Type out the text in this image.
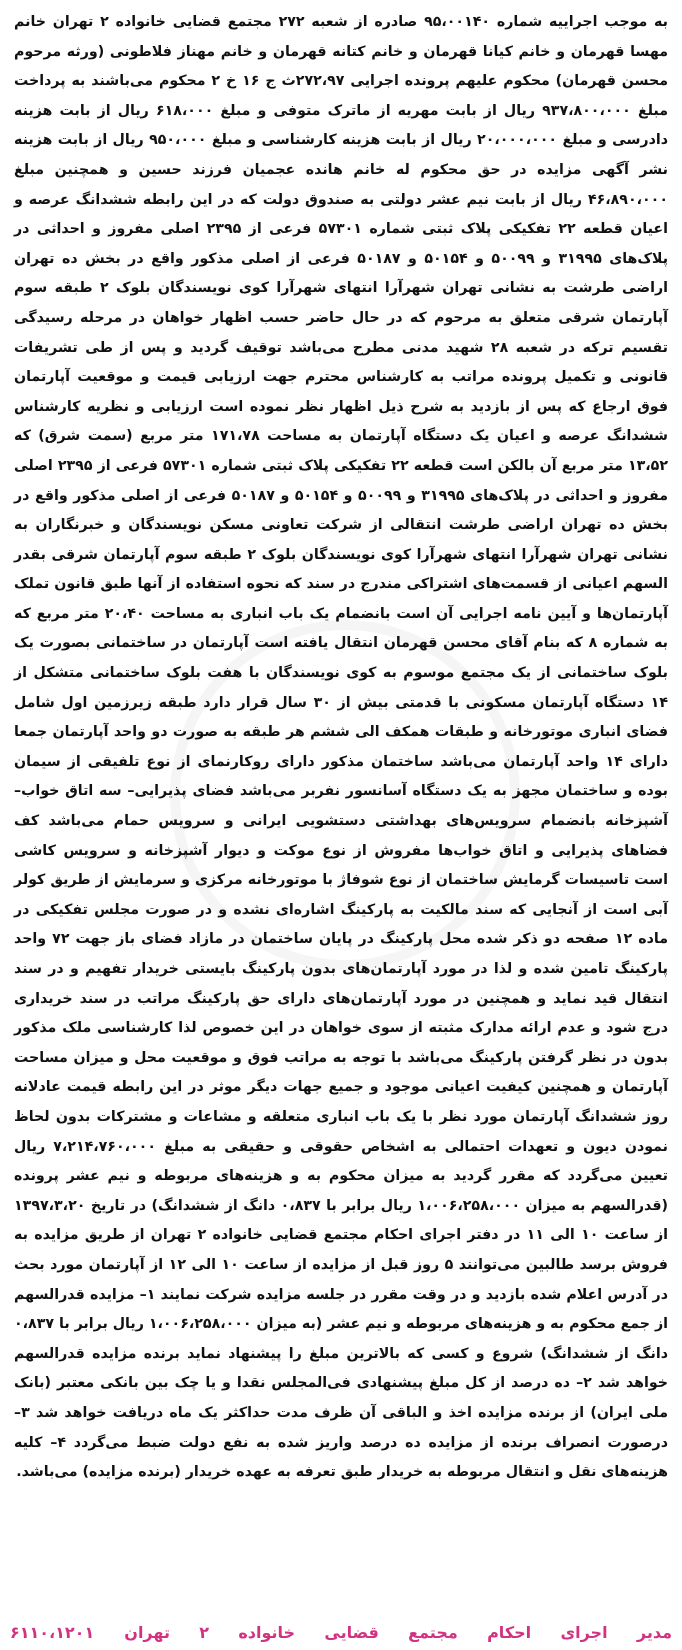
به موجب اجراییه شماره ۹۵،۰۰۱۴۰ صادره از شعبه ۲۷۲ مجتمع قضایی خانواده ۲ تهران خانم مهسا قهرمان و خانم کیانا قهرمان و خانم کتانه قهرمان و خانم مهناز فلاطونی (ورثه مرحوم محسن قهرمان) محکوم علیهم پرونده اجرایی ۲۷۲،۹۷ث ج ۱۶ خ ۲ محکوم می‌باشند به پرداخت مبلغ ۹۳۷،۸۰۰،۰۰۰ ریال از بابت مهریه از ماترک متوفی و مبلغ ۶۱۸،۰۰۰ ریال از بابت هزینه دادرسی و مبلغ ۲۰،۰۰۰،۰۰۰ ریال از بابت هزینه کارشناسی و مبلغ ۹۵۰،۰۰۰ ریال از بابت هزینه نشر آگهی مزایده در حق محکوم له خانم هانده عجمیان فرزند حسین و همچنین مبلغ ۴۶،۸۹۰،۰۰۰ ریال از بابت نیم عشر دولتی به صندوق دولت که در این رابطه ششدانگ عرصه و اعیان قطعه ۲۲ تفکیکی پلاک ثبتی شماره ۵۷۳۰۱ فرعی از ۲۳۹۵ اصلی مفروز و احداثی در پلاک‌های ۳۱۹۹۵ و ۵۰۰۹۹ و ۵۰۱۵۴ و ۵۰۱۸۷ فرعی از اصلی مذکور واقع در بخش ده تهران اراضی طرشت به نشانی تهران شهرآرا انتهای شهرآرا کوی نویسندگان بلوک ۲ طبقه سوم آپارتمان شرقی متعلق به مرحوم که در حال حاضر حسب اظهار خواهان در مرحله رسیدگی تقسیم ترکه در شعبه ۲۸ شهید مدنی مطرح می‌باشد توقیف گردید و پس از طی تشریفات قانونی و تکمیل پرونده مراتب به کارشناس محترم جهت ارزیابی قیمت و موقعیت آپارتمان فوق ارجاع که پس از بازدید به شرح ذیل اظهار نظر نموده است ارزیابی و نظریه کارشناس ششدانگ عرصه و اعیان یک دستگاه آپارتمان به مساحت ۱۷۱،۷۸ متر مربع (سمت شرق) که ۱۳،۵۲ متر مربع آن بالکن است قطعه ۲۲ تفکیکی پلاک ثبتی شماره ۵۷۳۰۱ فرعی از ۲۳۹۵ اصلی مفروز و احداثی در پلاک‌های ۳۱۹۹۵ و ۵۰۰۹۹ و ۵۰۱۵۴ و ۵۰۱۸۷ فرعی از اصلی مذکور واقع در بخش ده تهران اراضی طرشت انتقالی از شرکت تعاونی مسکن نویسندگان و خبرنگاران به نشانی تهران شهرآرا انتهای شهرآرا کوی نویسندگان بلوک ۲ طبقه سوم آپارتمان شرقی بقدر السهم اعیانی از قسمت‌های اشتراکی مندرج در سند که نحوه استفاده از آنها طبق قانون تملک آپارتمان‌ها و آیین نامه اجرایی آن است بانضمام یک باب انباری به مساحت ۲۰،۴۰ متر مربع که به شماره ۸ که بنام آقای محسن قهرمان انتقال یافته است آپارتمان در ساختمانی بصورت یک بلوک ساختمانی از یک مجتمع موسوم به کوی نویسندگان با هفت بلوک ساختمانی متشکل از ۱۴ دستگاه آپارتمان مسکونی با قدمتی بیش از ۳۰ سال قرار دارد طبقه زیرزمین اول شامل فضای انباری موتورخانه و طبقات همکف الی ششم هر طبقه به صورت دو واحد آپارتمان جمعا دارای ۱۴ واحد آپارتمان می‌باشد ساختمان مذکور دارای روکارنمای از نوع تلفیقی از سیمان بوده و ساختمان مجهز به یک دستگاه آسانسور نفربر می‌باشد فضای پذیرایی– سه اتاق خواب– آشپزخانه بانضمام سرویس‌های بهداشتی دستشویی ایرانی و سرویس حمام می‌باشد کف فضاهای پذیرایی و اتاق خواب‌ها مفروش از نوع موکت و دیوار آشپزخانه و سرویس کاشی است تاسیسات گرمایش ساختمان از نوع شوفاژ با موتورخانه مرکزی و سرمایش از طریق کولر آبی است از آنجایی که سند مالکیت به پارکینگ اشاره‌ای نشده و در صورت مجلس تفکیکی در ماده ۱۲ صفحه دو ذکر شده محل پارکینگ در پایان ساختمان در مازاد فضای باز جهت ۷۲ واحد پارکینگ تامین شده و لذا در مورد آپارتمان‌های بدون پارکینگ بایستی خریدار تفهیم و در سند انتقال قید نماید و همچنین در مورد آپارتمان‌های دارای حق پارکینگ مراتب در سند خریداری درج شود و عدم ارائه مدارک مثبته از سوی خواهان در این خصوص لذا کارشناسی ملک مذکور بدون در نظر گرفتن پارکینگ می‌باشد با توجه به مراتب فوق و موقعیت محل و میزان مساحت آپارتمان و همچنین کیفیت اعیانی موجود و جمیع جهات دیگر موثر در این رابطه قیمت عادلانه روز ششدانگ آپارتمان مورد نظر با یک باب انباری متعلقه و مشاعات و مشترکات بدون لحاظ نمودن دیون و تعهدات احتمالی به اشخاص حقوقی و حقیقی به مبلغ ۷،۲۱۴،۷۶۰،۰۰۰ ریال تعیین می‌گردد که مقرر گردید به میزان محکوم به و هزینه‌های مربوطه و نیم عشر پرونده (قدرالسهم به میزان ۱،۰۰۶،۲۵۸،۰۰۰ ریال برابر با ۰،۸۳۷ دانگ از ششدانگ) در تاریخ ۱۳۹۷،۳،۲۰ از ساعت ۱۰ الی ۱۱ در دفتر اجرای احکام مجتمع قضایی خانواده ۲ تهران از طریق مزایده به فروش برسد طالبین می‌توانند ۵ روز قبل از مزایده از ساعت ۱۰ الی ۱۲ از آپارتمان مورد بحث در آدرس اعلام شده بازدید و در وقت مقرر در جلسه مزایده شرکت نمایند ۱– مزایده قدرالسهم از جمع محکوم به و هزینه‌های مربوطه و نیم عشر (به میزان ۱،۰۰۶،۲۵۸،۰۰۰ ریال برابر با ۰،۸۳۷ دانگ از ششدانگ) شروع و کسی که بالاترین مبلغ را پیشنهاد نماید برنده مزایده قدرالسهم خواهد شد ۲– ده درصد از کل مبلغ پیشنهادی فی‌المجلس نقدا و یا چک بین بانکی معتبر (بانک ملی ایران) از برنده مزایده اخذ و الباقی آن ظرف مدت حداکثر یک ماه دریافت خواهد شد ۳– درصورت انصراف برنده از مزایده ده درصد واریز شده به نفع دولت ضبط می‌گردد ۴– کلیه هزینه‌های نقل و انتقال مربوطه به خریدار طبق تعرفه به عهده خریدار (برنده مزایده) می‌باشد.

مدیر
اجرای
احکام
مجتمع
قضایی
خانواده
۲
تهران
۶۱۱۰،۱۲۰۱
